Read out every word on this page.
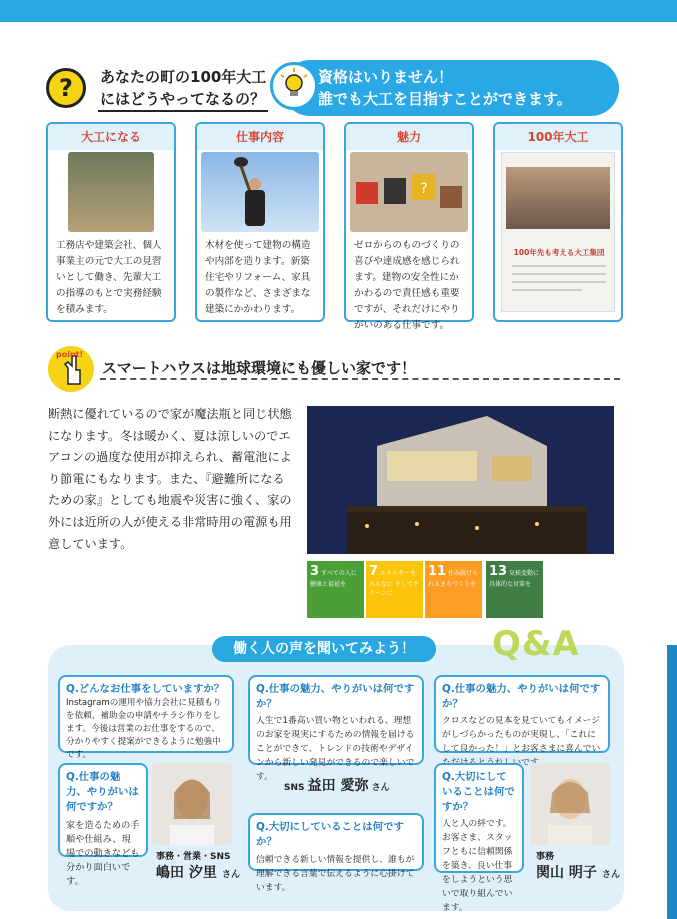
?	あなたの町の100年大工
にはどうやってなるの？
資格はいりません！
誰でも大工を目指すことができます。
大工になる
工務店や建築会社、個人事業主の元で大工の見習いとして働き、先輩大工の指導のもとで実務経験を積みます。
仕事内容
木材を使って建物の構造や内部を造ります。新築住宅やリフォーム、家具の製作など、さまざまな建築にかかわります。
魅力
?
ゼロからのものづくりの喜びや達成感を感じられます。建物の安全性にかかわるので責任感も重要ですが、それだけにやりがいのある仕事です。
100年大工
100年先も考える大工集団
point!
スマートハウスは地球環境にも優しい家です！
断熱に優れているので家が魔法瓶と同じ状態になります。冬は暖かく、夏は涼しいのでエアコンの過度な使用が抑えられ、蓄電池により節電にもなります。また、『避難所になるための家』としても地震や災害に強く、家の外には近所の人が使える非常時用の電源も用意しています。
3 すべての人に健康と福祉を
7 エネルギーをみんなに そしてクリーンに
11 住み続けられるまちづくりを
13 気候変動に具体的な対策を
働く人の声を聞いてみよう！	Q&A
Q.どんなお仕事をしていますか？
Instagramの運用や協力会社に見積もりを依頼、補助金の申請やチラシ作りをします。今後は営業のお仕事をするので、分かりやすく提案ができるように勉強中です。
Q.仕事の魅力、やりがいは何ですか？
家を造るための手順や仕組み、現場での動きなども分かり面白いです。
事務・営業・SNS
嶋田 汐里 さん
Q.仕事の魅力、やりがいは何ですか？
人生で1番高い買い物といわれる、理想のお家を現実にするための情報を届けることができて、トレンドの技術やデザインから新しい発見ができるので楽しいです。
SNS 益田 愛弥 さん
Q.大切にしていることは何ですか？
信頼できる新しい情報を提供し、誰もが理解できる言葉で伝えるように心掛けています。
Q.仕事の魅力、やりがいは何ですか？
クロスなどの見本を見ていてもイメージがしづらかったものが実現し、「これにして良かった！」とお客さまに喜んでい しいです。
Q.大切にしていることは何ですか？
人と人の絆です。お客さま、スタッフともに信頼関係を築き、良い仕事をしようという思いで取り組んでいます。
事務
関山 明子 さん
